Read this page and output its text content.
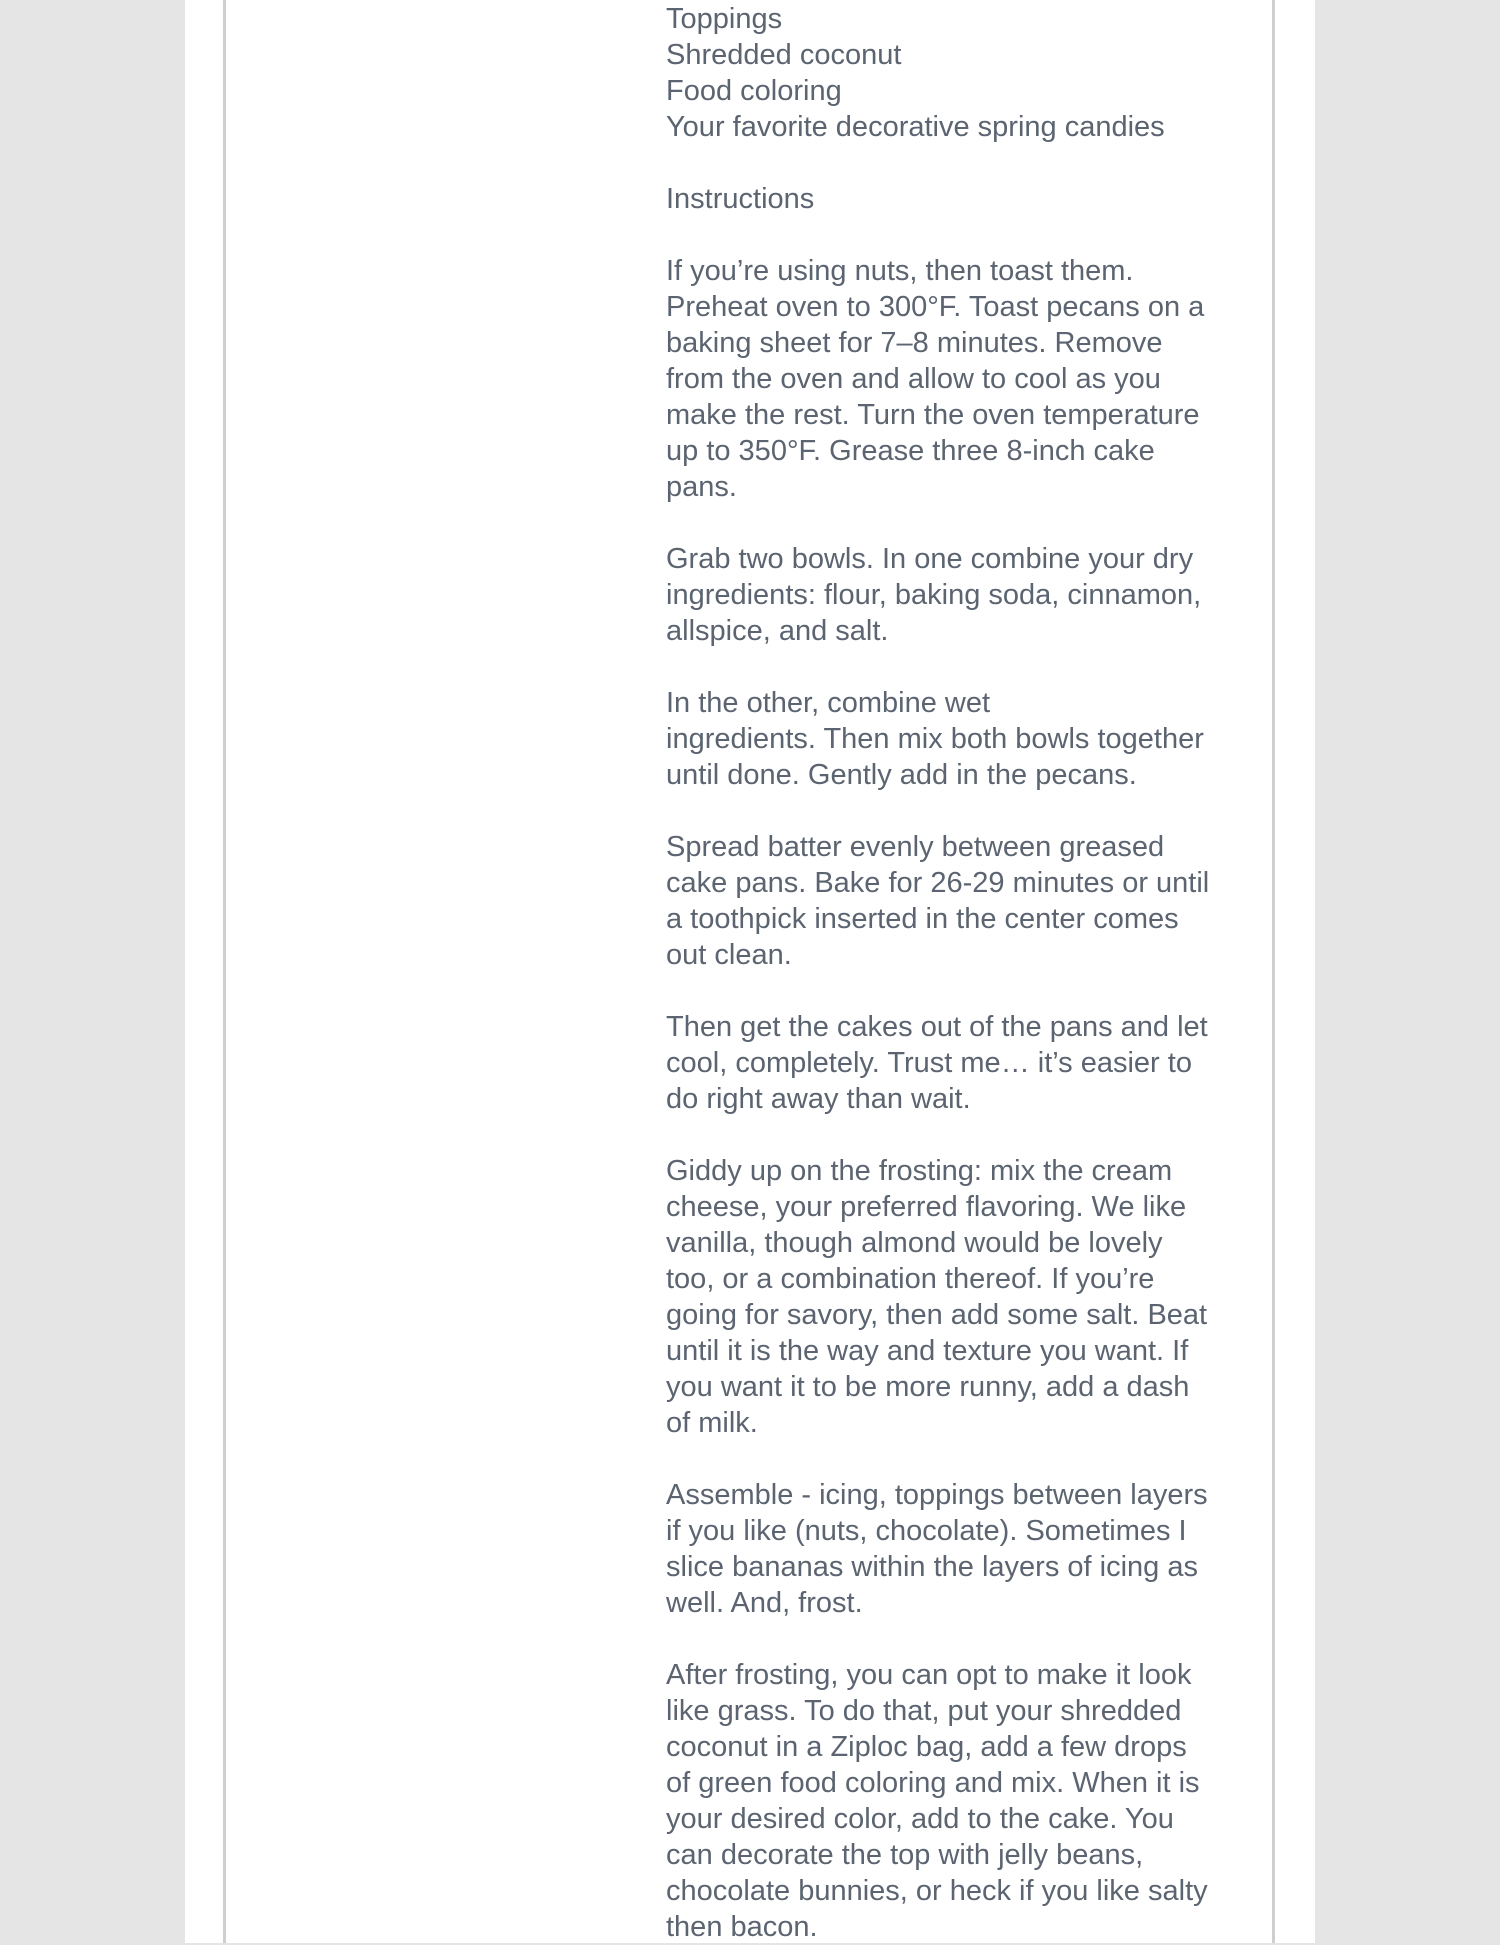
Toppings

Shredded coconut

Food coloring

Your favorite decorative spring candies

Instructions

If you’re using nuts, then toast them.
Preheat oven to 300°F. Toast pecans on a
baking sheet for 7–8 minutes. Remove
from the oven and allow to cool as you
make the rest. Turn the oven temperature
up to 350°F. Grease three 8-inch cake
pans.

Grab two bowls. In one combine your dry
ingredients: flour, baking soda, cinnamon,
allspice, and salt.

In the other, combine wet
ingredients. Then mix both bowls together
until done. Gently add in the pecans.

Spread batter evenly between greased
cake pans. Bake for 26-29 minutes or until
a toothpick inserted in the center comes
out clean.

Then get the cakes out of the pans and let
cool, completely. Trust me… it’s easier to
do right away than wait.

Giddy up on the frosting: mix the cream
cheese, your preferred flavoring. We like
vanilla, though almond would be lovely
too, or a combination thereof. If you’re
going for savory, then add some salt. Beat
until it is the way and texture you want. If
you want it to be more runny, add a dash
of milk.

Assemble - icing, toppings between layers
if you like (nuts, chocolate). Sometimes I
slice bananas within the layers of icing as
well. And, frost.

After frosting, you can opt to make it look
like grass. To do that, put your shredded
coconut in a Ziploc bag, add a few drops
of green food coloring and mix. When it is
your desired color, add to the cake. You
can decorate the top with jelly beans,
chocolate bunnies, or heck if you like salty
then bacon.
